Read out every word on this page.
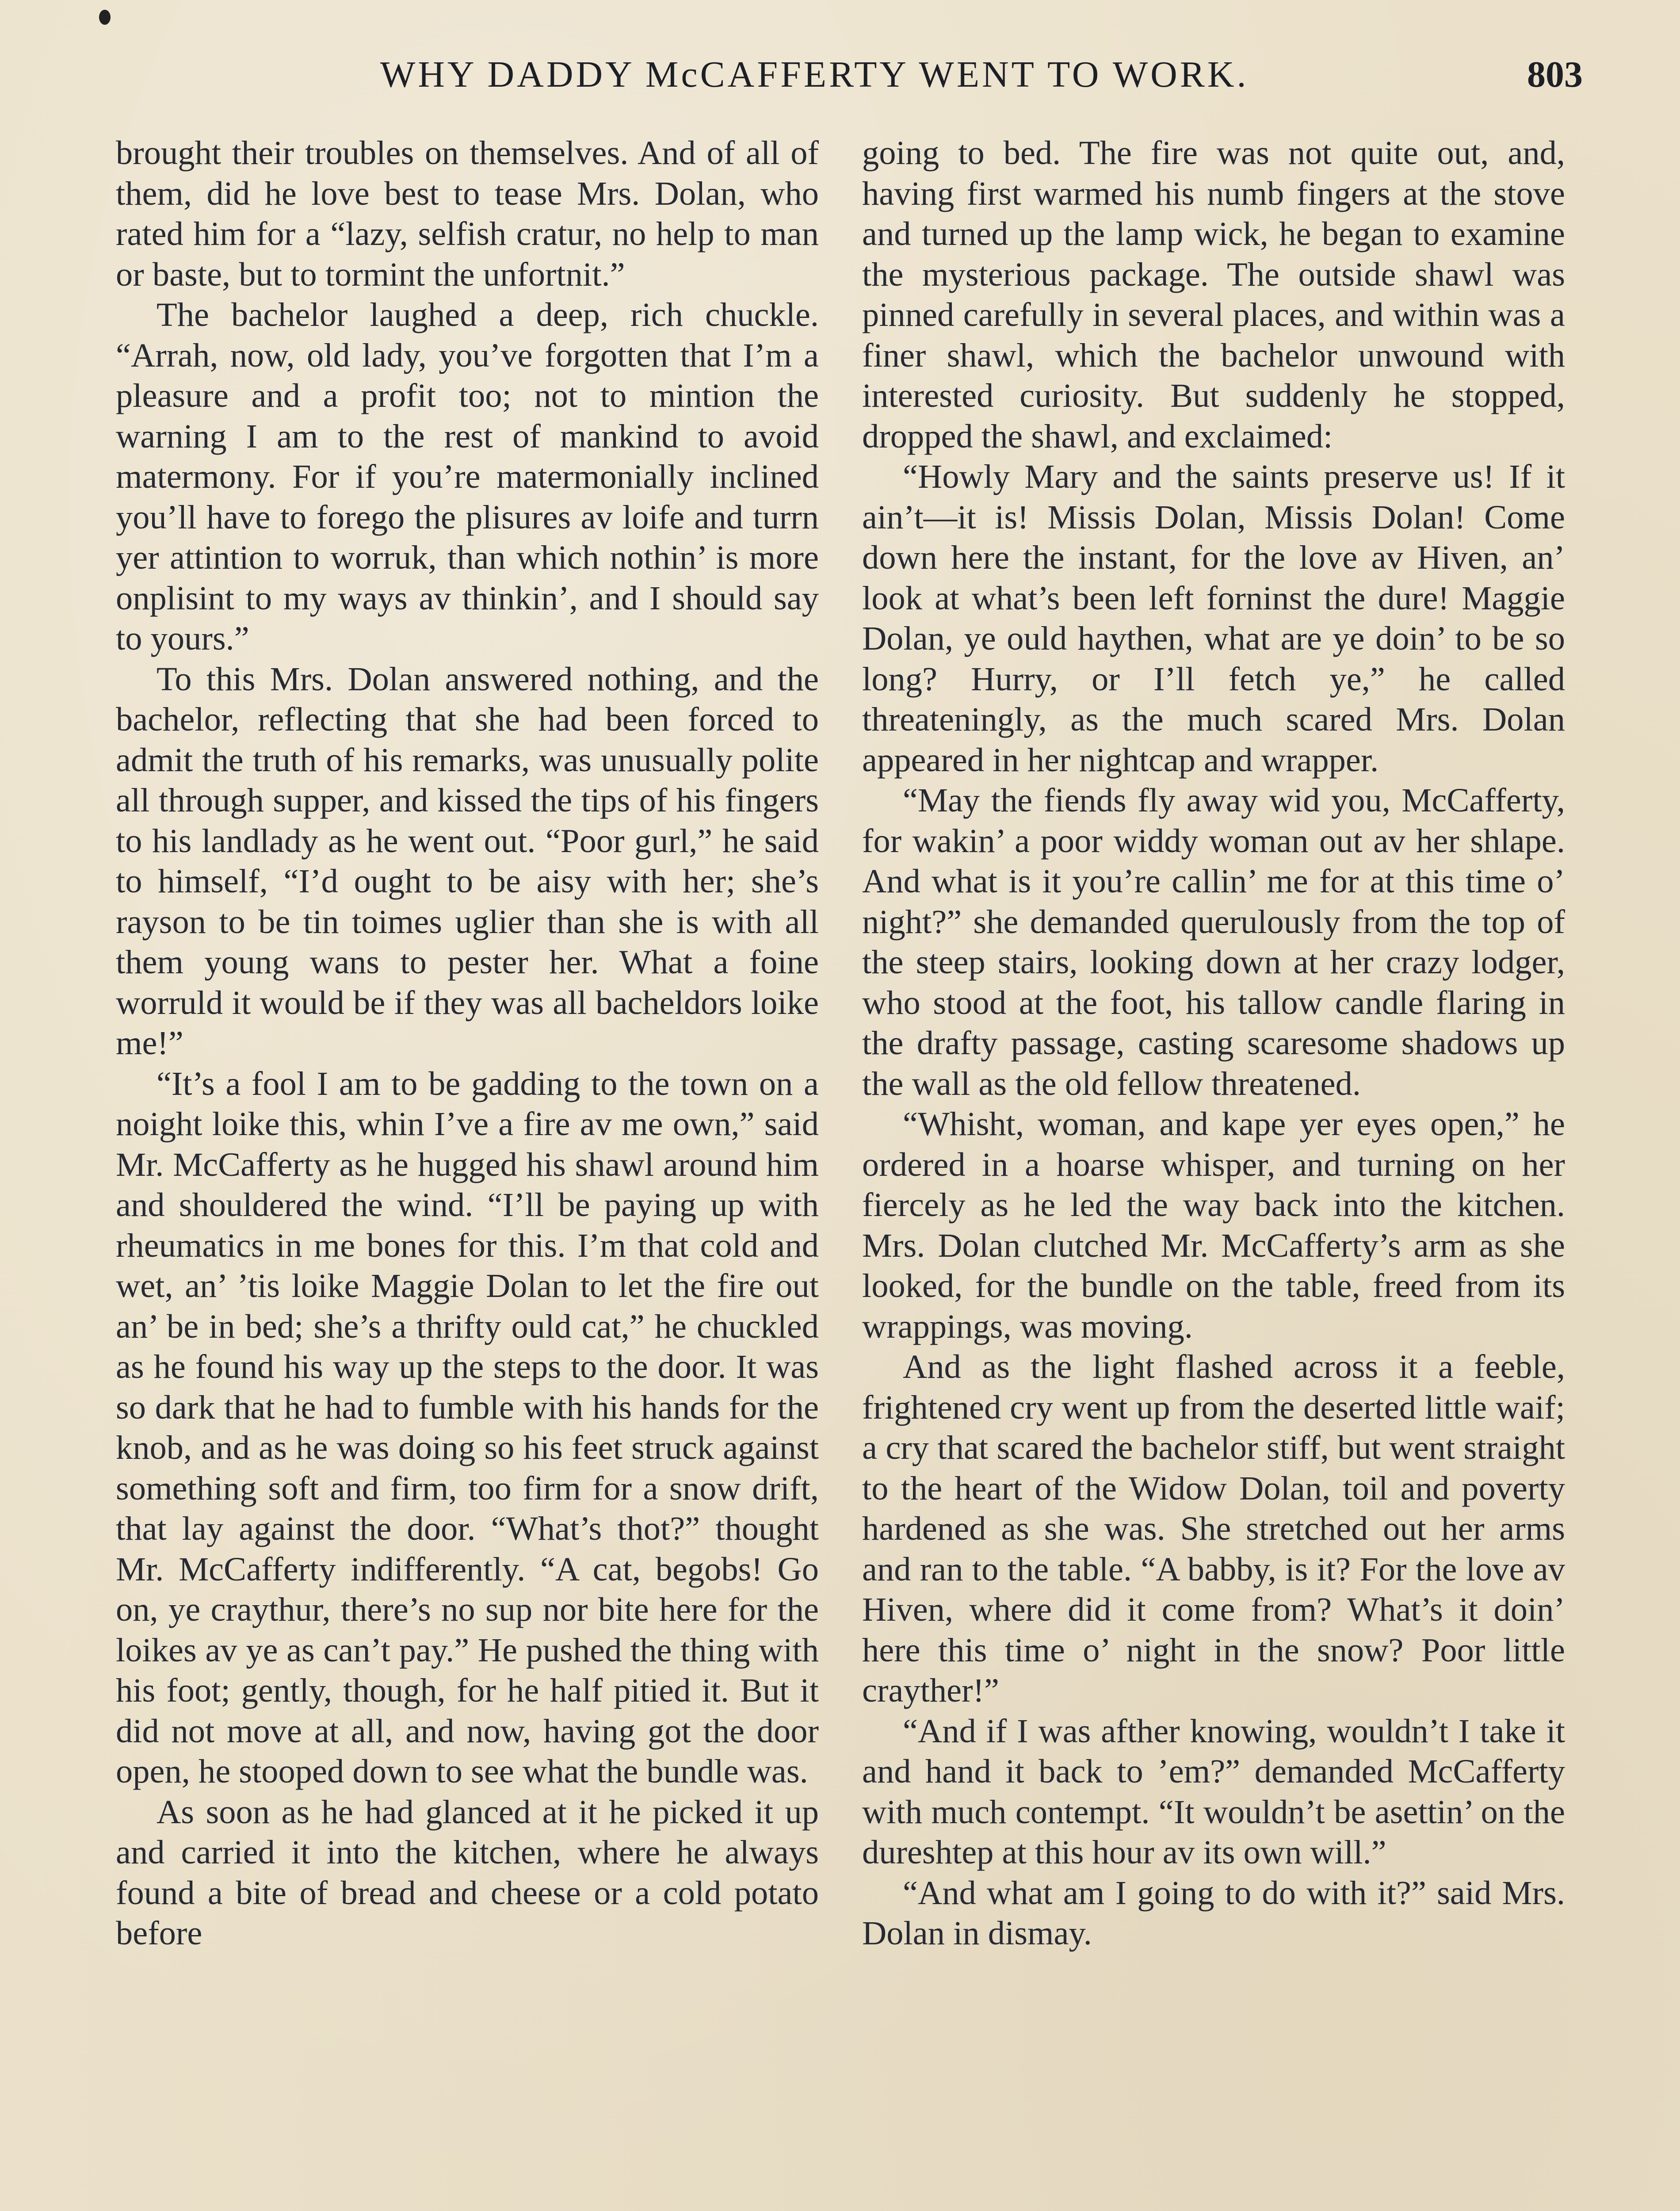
WHY DADDY McCAFFERTY WENT TO WORK.	803

brought their troubles on themselves. And of all of them, did he love best to tease Mrs. Dolan, who rated him for a “lazy, selfish cratur, no help to man or baste, but to tormint the unfortnit.”

The bachelor laughed a deep, rich chuckle. “Arrah, now, old lady, you’ve forgotten that I’m a pleasure and a profit too; not to mintion the warning I am to the rest of mankind to avoid matermony. For if you’re matermonially inclined you’ll have to forego the plisures av loife and turrn yer attintion to worruk, than which nothin’ is more onplisint to my ways av thinkin’, and I should say to yours.”

To this Mrs. Dolan answered nothing, and the bachelor, reflecting that she had been forced to admit the truth of his remarks, was unusually polite all through supper, and kissed the tips of his fingers to his landlady as he went out. “Poor gurl,” he said to himself, “I’d ought to be aisy with her; she’s rayson to be tin toimes uglier than she is with all them young wans to pester her. What a foine worruld it would be if they was all bacheldors loike me!”

“It’s a fool I am to be gadding to the town on a noight loike this, whin I’ve a fire av me own,” said Mr. McCafferty as he hugged his shawl around him and shouldered the wind. “I’ll be paying up with rheumatics in me bones for this. I’m that cold and wet, an’ ’tis loike Maggie Dolan to let the fire out an’ be in bed; she’s a thrifty ould cat,” he chuckled as he found his way up the steps to the door. It was so dark that he had to fumble with his hands for the knob, and as he was doing so his feet struck against something soft and firm, too firm for a snow drift, that lay against the door. “What’s thot?” thought Mr. McCafferty indifferently. “A cat, begobs! Go on, ye craythur, there’s no sup nor bite here for the loikes av ye as can’t pay.” He pushed the thing with his foot; gently, though, for he half pitied it. But it did not move at all, and now, having got the door open, he stooped down to see what the bundle was.

As soon as he had glanced at it he picked it up and carried it into the kitchen, where he always found a bite of bread and cheese or a cold potato before

going to bed. The fire was not quite out, and, having first warmed his numb fingers at the stove and turned up the lamp wick, he began to examine the mysterious package. The outside shawl was pinned carefully in several places, and within was a finer shawl, which the bachelor unwound with interested curiosity. But suddenly he stopped, dropped the shawl, and exclaimed:

“Howly Mary and the saints preserve us! If it ain’t—it is! Missis Dolan, Missis Dolan! Come down here the instant, for the love av Hiven, an’ look at what’s been left forninst the dure! Maggie Dolan, ye ould haythen, what are ye doin’ to be so long? Hurry, or I’ll fetch ye,” he called threateningly, as the much scared Mrs. Dolan appeared in her nightcap and wrapper.

“May the fiends fly away wid you, McCafferty, for wakin’ a poor widdy woman out av her shlape. And what is it you’re callin’ me for at this time o’ night?” she demanded querulously from the top of the steep stairs, looking down at her crazy lodger, who stood at the foot, his tallow candle flaring in the drafty passage, casting scaresome shadows up the wall as the old fellow threatened.

“Whisht, woman, and kape yer eyes open,” he ordered in a hoarse whisper, and turning on her fiercely as he led the way back into the kitchen. Mrs. Dolan clutched Mr. McCafferty’s arm as she looked, for the bundle on the table, freed from its wrappings, was moving.

And as the light flashed across it a feeble, frightened cry went up from the deserted little waif; a cry that scared the bachelor stiff, but went straight to the heart of the Widow Dolan, toil and poverty hardened as she was. She stretched out her arms and ran to the table. “A babby, is it? For the love av Hiven, where did it come from? What’s it doin’ here this time o’ night in the snow? Poor little crayther!”

“And if I was afther knowing, wouldn’t I take it and hand it back to ’em?” demanded McCafferty with much contempt. “It wouldn’t be asettin’ on the dureshtep at this hour av its own will.”

“And what am I going to do with it?” said Mrs. Dolan in dismay.
